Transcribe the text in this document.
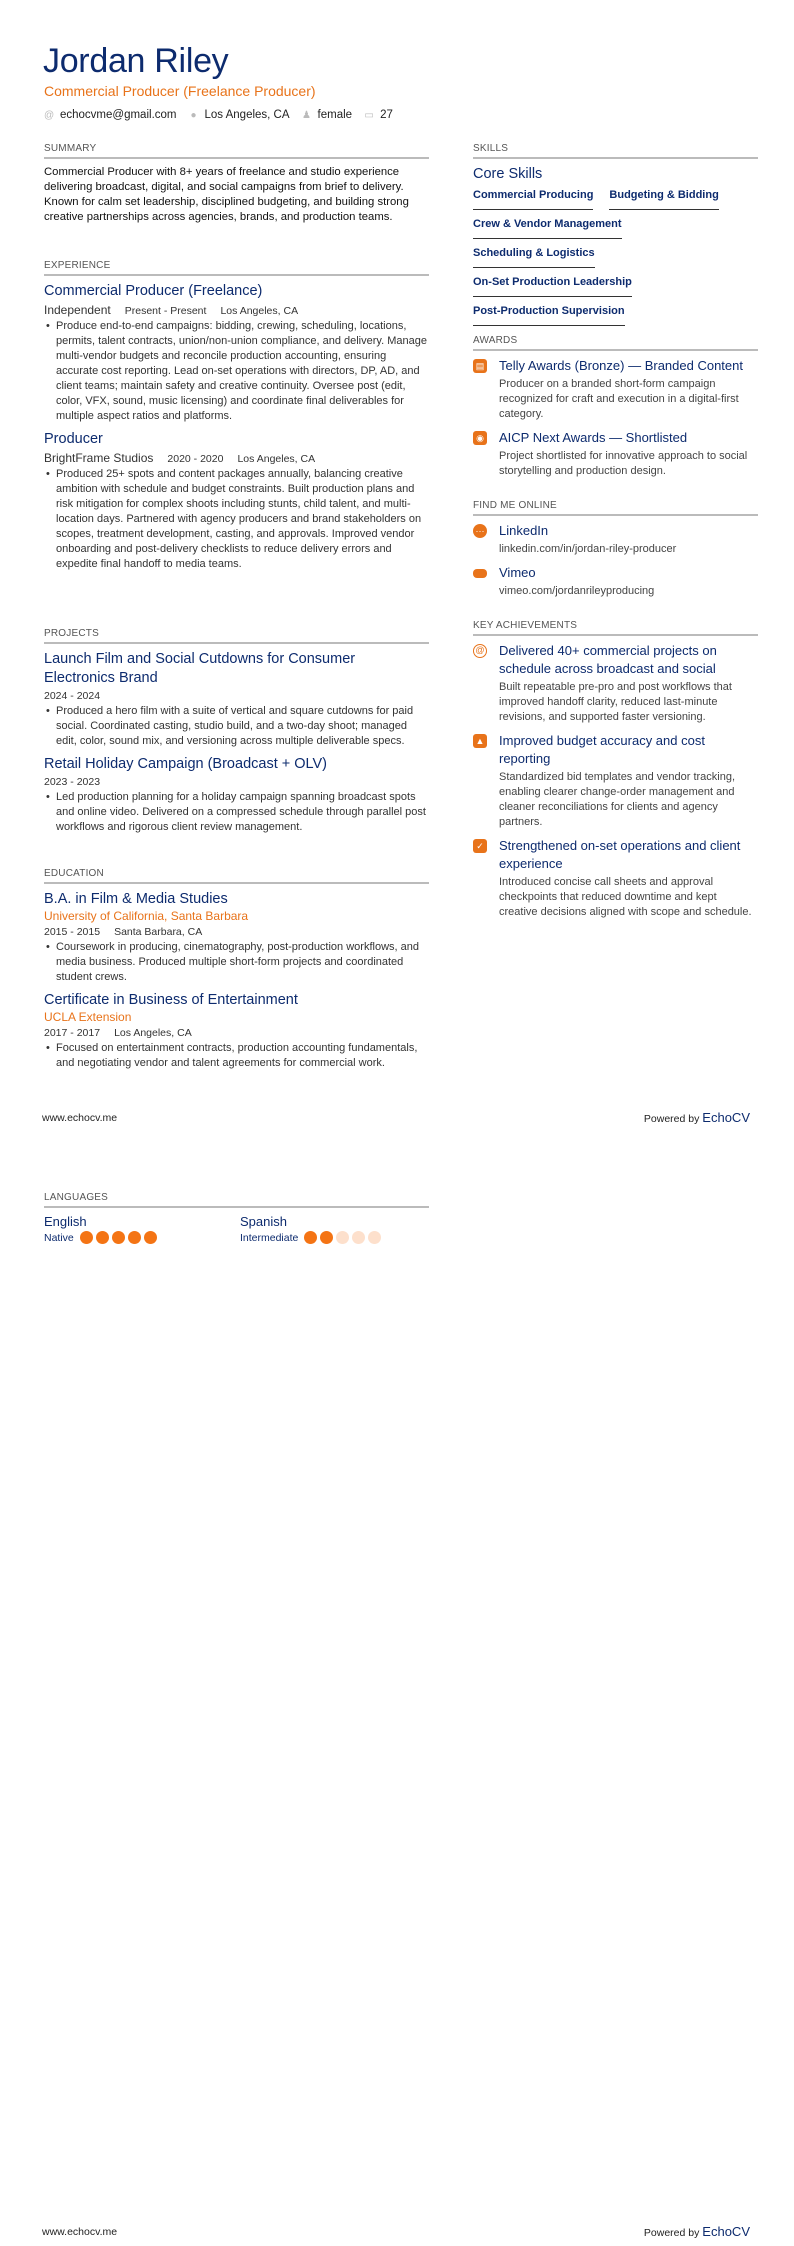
Jordan Riley
Commercial Producer (Freelance Producer)
@ echocvme@gmail.com ● Los Angeles, CA ♟ female ▭ 27
SUMMARY
Commercial Producer with 8+ years of freelance and studio experience delivering broadcast, digital, and social campaigns from brief to delivery. Known for calm set leadership, disciplined budgeting, and building strong creative partnerships across agencies, brands, and production teams.
EXPERIENCE
Commercial Producer (Freelance)
Independent Present - Present Los Angeles, CA
• Produce end-to-end campaigns: bidding, crewing, scheduling, locations, permits, talent contracts, union/non-union compliance, and delivery. Manage multi-vendor budgets and reconcile production accounting, ensuring accurate cost reporting. Lead on-set operations with directors, DP, AD, and client teams; maintain safety and creative continuity. Oversee post (edit, color, VFX, sound, music licensing) and coordinate final deliverables for multiple aspect ratios and platforms.
Producer
BrightFrame Studios 2020 - 2020 Los Angeles, CA
• Produced 25+ spots and content packages annually, balancing creative ambition with schedule and budget constraints. Built production plans and risk mitigation for complex shoots including stunts, child talent, and multi-location days. Partnered with agency producers and brand stakeholders on scopes, treatment development, casting, and approvals. Improved vendor onboarding and post-delivery checklists to reduce delivery errors and expedite final handoff to media teams.
PROJECTS
Launch Film and Social Cutdowns for Consumer Electronics Brand
2024 - 2024
• Produced a hero film with a suite of vertical and square cutdowns for paid social. Coordinated casting, studio build, and a two-day shoot; managed edit, color, sound mix, and versioning across multiple deliverable specs.
Retail Holiday Campaign (Broadcast + OLV)
2023 - 2023
• Led production planning for a holiday campaign spanning broadcast spots and online video. Delivered on a compressed schedule through parallel post workflows and rigorous client review management.
EDUCATION
B.A. in Film & Media Studies
University of California, Santa Barbara
2015 - 2015 Santa Barbara, CA
• Coursework in producing, cinematography, post-production workflows, and media business. Produced multiple short-form projects and coordinated student crews.
Certificate in Business of Entertainment
UCLA Extension
2017 - 2017 Los Angeles, CA
• Focused on entertainment contracts, production accounting fundamentals, and negotiating vendor and talent agreements for commercial work.
SKILLS
Core Skills
Commercial Producing Budgeting & Bidding
Crew & Vendor Management
Scheduling & Logistics
On-Set Production Leadership
Post-Production Supervision
AWARDS
▤ Telly Awards (Bronze) — Branded Content
Producer on a branded short-form campaign recognized for craft and execution in a digital-first category.
◉ AICP Next Awards — Shortlisted
Project shortlisted for innovative approach to social storytelling and production design.
FIND ME ONLINE
··· LinkedIn
linkedin.com/in/jordan-riley-producer
Vimeo
vimeo.com/jordanrileyproducing
KEY ACHIEVEMENTS
@ Delivered 40+ commercial projects on schedule across broadcast and social
Built repeatable pre-pro and post workflows that improved handoff clarity, reduced last-minute revisions, and supported faster versioning.
▲ Improved budget accuracy and cost reporting
Standardized bid templates and vendor tracking, enabling clearer change-order management and cleaner reconciliations for clients and agency partners.
✓ Strengthened on-set operations and client experience
Introduced concise call sheets and approval checkpoints that reduced downtime and kept creative decisions aligned with scope and schedule.
www.echocv.me	Powered by EchoCV
LANGUAGES
English
Native
Spanish
Intermediate
www.echocv.me	Powered by EchoCV
